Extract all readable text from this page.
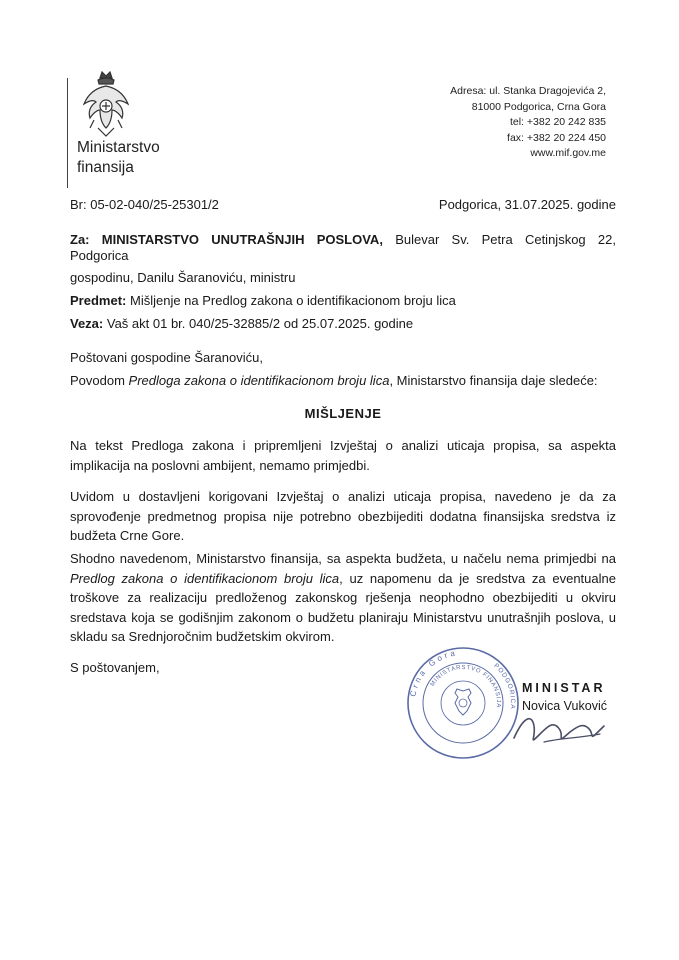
Ministarstvo
finansija
Adresa: ul. Stanka Dragojevića 2,
81000 Podgorica, Crna Gora
tel: +382 20 242 835
fax: +382 20 224 450
www.mif.gov.me
Br: 05-02-040/25-25301/2	Podgorica, 31.07.2025. godine
Za: MINISTARSTVO UNUTRAŠNJIH POSLOVA, Bulevar Sv. Petra Cetinjskog 22,
Podgorica
gospodinu, Danilu Šaranoviću, ministru
Predmet: Mišljenje na Predlog zakona o identifikacionom broju lica
Veza: Vaš akt 01 br. 040/25-32885/2 od 25.07.2025. godine
Poštovani gospodine Šaranoviću,
Povodom Predloga zakona o identifikacionom broju lica, Ministarstvo finansija daje sledeće:
MIŠLJENJE
Na tekst Predloga zakona i pripremljeni Izvještaj o analizi uticaja propisa, sa aspekta implikacija na poslovni ambijent, nemamo primjedbi.
Uvidom u dostavljeni korigovani Izvještaj o analizi uticaja propisa, navedeno je da za sprovođenje predmetnog propisa nije potrebno obezbijediti dodatna finansijska sredstva iz budžeta Crne Gore.
Shodno navedenom, Ministarstvo finansija, sa aspekta budžeta, u načelu nema primjedbi na Predlog zakona o identifikacionom broju lica, uz napomenu da je sredstva za eventualne troškove za realizaciju predloženog zakonskog rješenja neophodno obezbijediti u okviru sredstava koja se godišnjim zakonom o budžetu planiraju Ministarstvu unutrašnjih poslova, u skladu sa Srednjoročnim budžetskim okvirom.
S poštovanjem,
Crna Gora
PODGORICA
MINISTARSTVO FINANSIJA
MINISTAR
Novica Vuković
